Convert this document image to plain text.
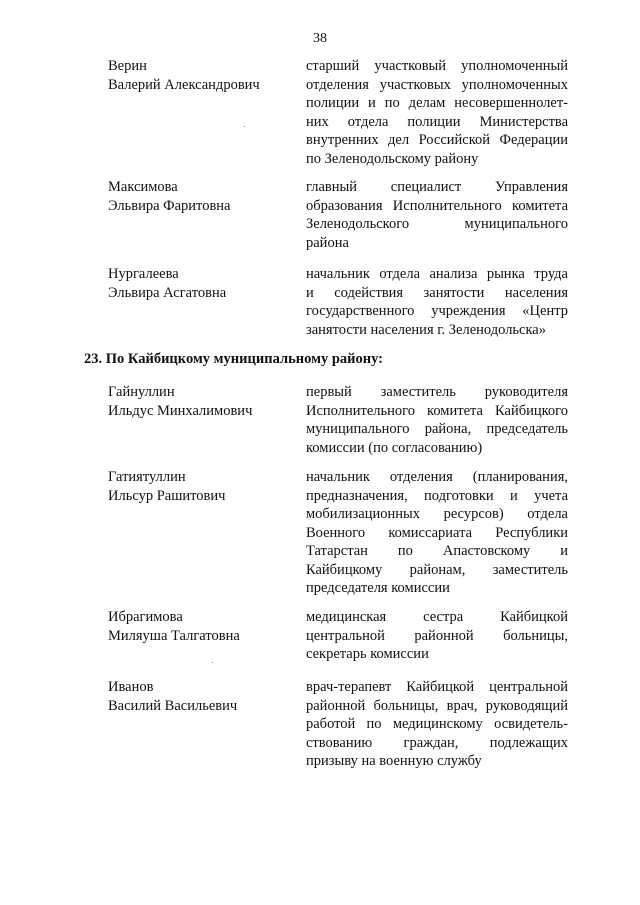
38
Верин
Валерий Александрович
старший участковый уполномоченный
отделения участковых уполномоченных
полиции и по делам несовершеннолет-
них отдела полиции Министерства
внутренних дел Российской Федерации
по Зеленодольскому району
Максимова
Эльвира Фаритовна
главный специалист Управления
образования Исполнительного комитета
Зеленодольского муниципального
района
Нургалеева
Эльвира Асгатовна
начальник отдела анализа рынка труда
и содействия занятости населения
государственного учреждения «Центр
занятости населения г. Зеленодольска»
23. По Кайбицкому муниципальному району:
Гайнуллин
Ильдус Минхалимович
первый заместитель руководителя
Исполнительного комитета Кайбицкого
муниципального района, председатель
комиссии (по согласованию)
Гатиятуллин
Ильсур Рашитович
начальник отделения (планирования,
предназначения, подготовки и учета
мобилизационных ресурсов) отдела
Военного комиссариата Республики
Татарстан по Апастовскому и
Кайбицкому районам, заместитель
председателя комиссии
Ибрагимова
Миляуша Талгатовна
медицинская сестра Кайбицкой
центральной районной больницы,
секретарь комиссии
Иванов
Василий Васильевич
врач-терапевт Кайбицкой центральной
районной больницы, врач, руководящий
работой по медицинскому освидетель-
ствованию граждан, подлежащих
призыву на военную службу
